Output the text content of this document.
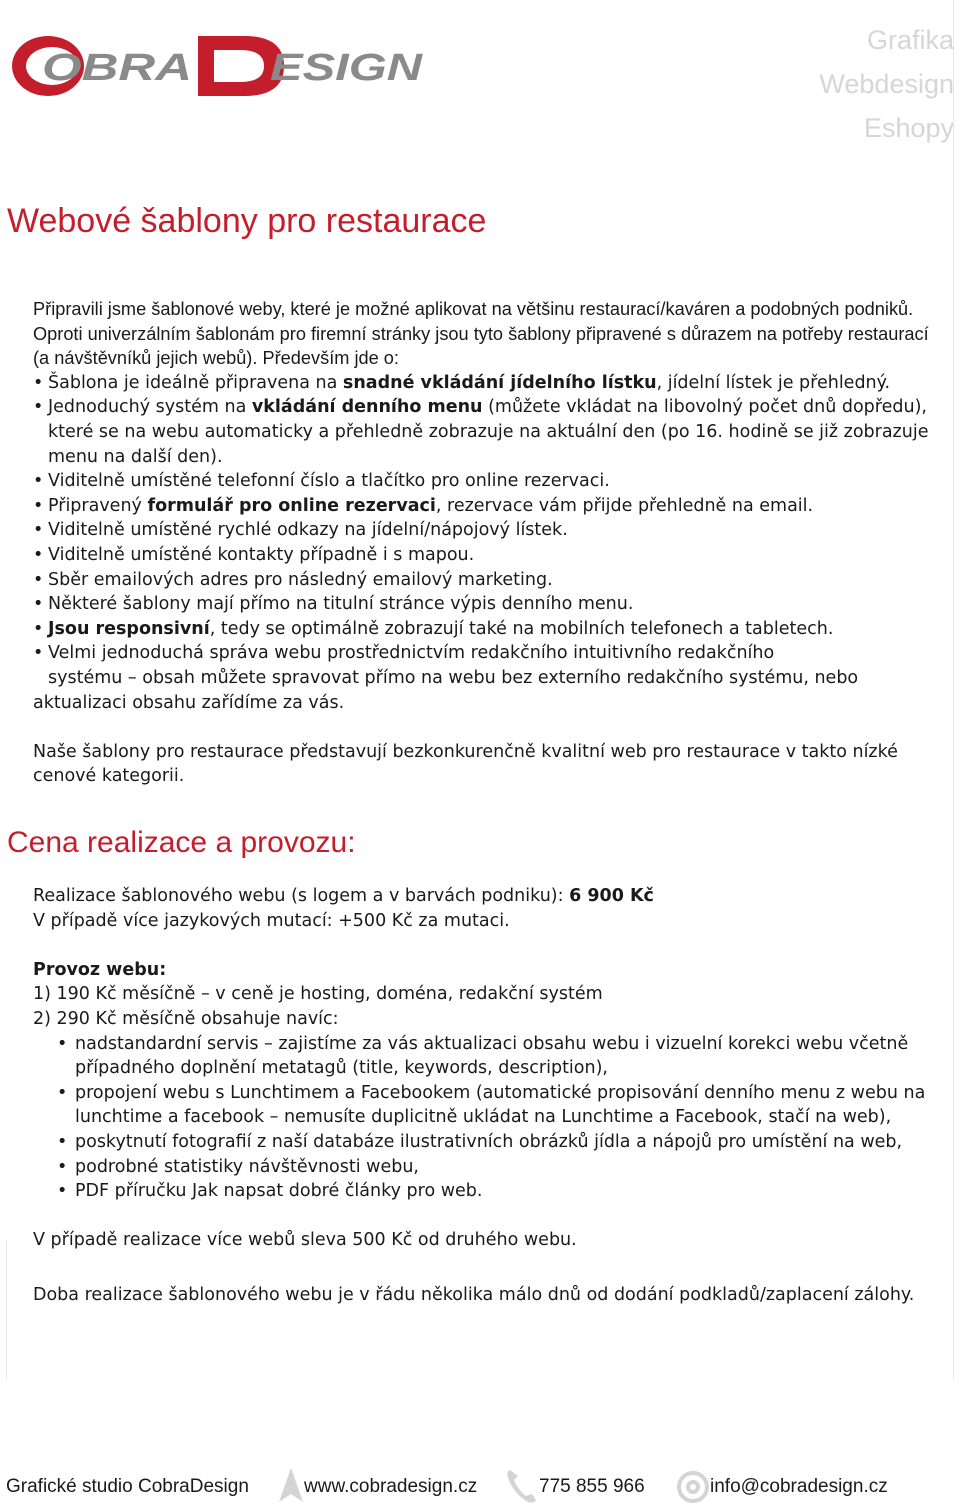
OBRA ESIGN
Grafika
Webdesign
Eshopy
Webové šablony pro restaurace

Připravili jsme šablonové weby, které je možné aplikovat na většinu restaurací/kaváren a podobných podniků. Oproti univerzálním šablonám pro firemní stránky jsou tyto šablony připravené s důrazem na potřeby restaurací (a návštěvníků jejich webů). Především jde o:

• Šablona je ideálně připravena na snadné vkládání jídelního lístku, jídelní lístek je přehledný.
• Jednoduchý systém na vkládání denního menu (můžete vkládat na libovolný počet dnů dopředu), které se na webu automaticky a přehledně zobrazuje na aktuální den (po 16. hodině se již zobrazuje menu na další den).
• Viditelně umístěné telefonní číslo a tlačítko pro online rezervaci.
• Připravený formulář pro online rezervaci, rezervace vám přijde přehledně na email.
• Viditelně umístěné rychlé odkazy na jídelní/nápojový lístek.
• Viditelně umístěné kontakty případně i s mapou.
• Sběr emailových adres pro následný emailový marketing.
• Některé šablony mají přímo na titulní stránce výpis denního menu.
• Jsou responsivní, tedy se optimálně zobrazují také na mobilních telefonech a tabletech.
• Velmi jednoduchá správa webu prostřednictvím redakčního intuitivního redakčního
systému – obsah můžete spravovat přímo na webu bez externího redakčního systému, nebo
aktualizaci obsahu zařídíme za vás.

Naše šablony pro restaurace představují bezkonkurenčně kvalitní web pro restaurace v takto nízké cenové kategorii.

Cena realizace a provozu:
Realizace šablonového webu (s logem a v barvách podniku): 6 900 Kč
V případě více jazykových mutací: +500 Kč za mutaci.
Provoz webu:
1) 190 Kč měsíčně – v ceně je hosting, doména, redakční systém
2) 290 Kč měsíčně obsahuje navíc:
• nadstandardní servis – zajistíme za vás aktualizaci obsahu webu i vizuelní korekci webu včetně případného doplnění metatagů (title, keywords, description),
• propojení webu s Lunchtimem a Facebookem (automatické propisování denního menu z webu na lunchtime a facebook – nemusíte duplicitně ukládat na Lunchtime a Facebook, stačí na web),
• poskytnutí fotografií z naší databáze ilustrativních obrázků jídla a nápojů pro umístění na web,
• podrobné statistiky návštěvnosti webu,
• PDF příručku Jak napsat dobré články pro web.
V případě realizace více webů sleva 500 Kč od druhého webu.
Doba realizace šablonového webu je v řádu několika málo dnů od dodání podkladů/zaplacení zálohy.
Grafické studio CobraDesign	www.cobradesign.cz	775 855 966	info@cobradesign.cz
